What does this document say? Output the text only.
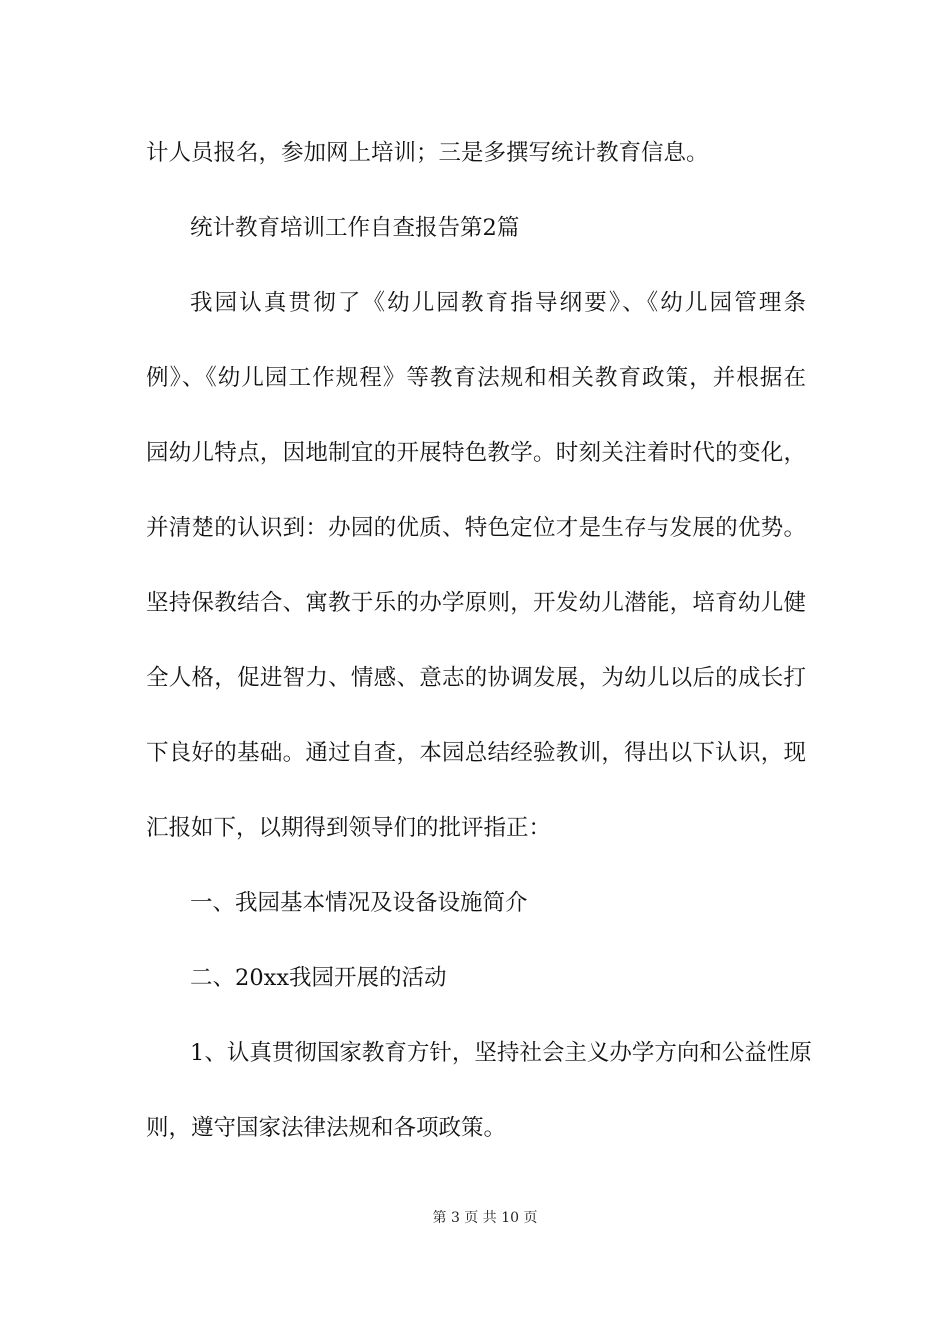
计人员报名，参加网上培训；三是多撰写统计教育信息。
统计教育培训工作自查报告第2篇
我园认真贯彻了《幼儿园教育指导纲要》、《幼儿园管理条
例》、《幼儿园工作规程》等教育法规和相关教育政策，并根据在
园幼儿特点，因地制宜的开展特色教学。时刻关注着时代的变化，
并清楚的认识到：办园的优质、特色定位才是生存与发展的优势。
坚持保教结合、寓教于乐的办学原则，开发幼儿潜能，培育幼儿健
全人格，促进智力、情感、意志的协调发展，为幼儿以后的成长打
下良好的基础。通过自查，本园总结经验教训，得出以下认识，现
汇报如下，以期得到领导们的批评指正：
一、我园基本情况及设备设施简介
二、20xx我园开展的活动
1、认真贯彻国家教育方针，坚持社会主义办学方向和公益性原
则，遵守国家法律法规和各项政策。
第 3 页 共 10 页
